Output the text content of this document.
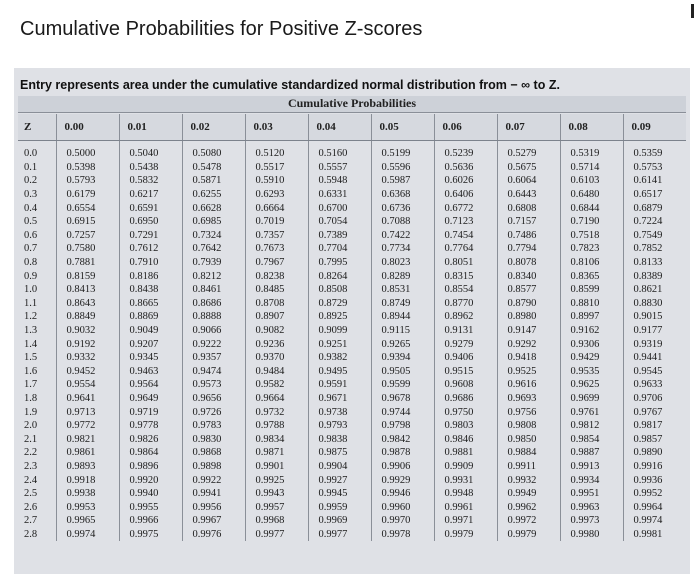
Cumulative Probabilities for Positive Z-scores
Entry represents area under the cumulative standardized normal distribution from − ∞ to Z.
Cumulative Probabilities
Z	0.00	0.01	0.02	0.03	0.04	0.05	0.06	0.07	0.08	0.09
0.0	0.5000	0.5040	0.5080	0.5120	0.5160	0.5199	0.5239	0.5279	0.5319	0.5359
0.1	0.5398	0.5438	0.5478	0.5517	0.5557	0.5596	0.5636	0.5675	0.5714	0.5753
0.2	0.5793	0.5832	0.5871	0.5910	0.5948	0.5987	0.6026	0.6064	0.6103	0.6141
0.3	0.6179	0.6217	0.6255	0.6293	0.6331	0.6368	0.6406	0.6443	0.6480	0.6517
0.4	0.6554	0.6591	0.6628	0.6664	0.6700	0.6736	0.6772	0.6808	0.6844	0.6879
0.5	0.6915	0.6950	0.6985	0.7019	0.7054	0.7088	0.7123	0.7157	0.7190	0.7224
0.6	0.7257	0.7291	0.7324	0.7357	0.7389	0.7422	0.7454	0.7486	0.7518	0.7549
0.7	0.7580	0.7612	0.7642	0.7673	0.7704	0.7734	0.7764	0.7794	0.7823	0.7852
0.8	0.7881	0.7910	0.7939	0.7967	0.7995	0.8023	0.8051	0.8078	0.8106	0.8133
0.9	0.8159	0.8186	0.8212	0.8238	0.8264	0.8289	0.8315	0.8340	0.8365	0.8389
1.0	0.8413	0.8438	0.8461	0.8485	0.8508	0.8531	0.8554	0.8577	0.8599	0.8621
1.1	0.8643	0.8665	0.8686	0.8708	0.8729	0.8749	0.8770	0.8790	0.8810	0.8830
1.2	0.8849	0.8869	0.8888	0.8907	0.8925	0.8944	0.8962	0.8980	0.8997	0.9015
1.3	0.9032	0.9049	0.9066	0.9082	0.9099	0.9115	0.9131	0.9147	0.9162	0.9177
1.4	0.9192	0.9207	0.9222	0.9236	0.9251	0.9265	0.9279	0.9292	0.9306	0.9319
1.5	0.9332	0.9345	0.9357	0.9370	0.9382	0.9394	0.9406	0.9418	0.9429	0.9441
1.6	0.9452	0.9463	0.9474	0.9484	0.9495	0.9505	0.9515	0.9525	0.9535	0.9545
1.7	0.9554	0.9564	0.9573	0.9582	0.9591	0.9599	0.9608	0.9616	0.9625	0.9633
1.8	0.9641	0.9649	0.9656	0.9664	0.9671	0.9678	0.9686	0.9693	0.9699	0.9706
1.9	0.9713	0.9719	0.9726	0.9732	0.9738	0.9744	0.9750	0.9756	0.9761	0.9767
2.0	0.9772	0.9778	0.9783	0.9788	0.9793	0.9798	0.9803	0.9808	0.9812	0.9817
2.1	0.9821	0.9826	0.9830	0.9834	0.9838	0.9842	0.9846	0.9850	0.9854	0.9857
2.2	0.9861	0.9864	0.9868	0.9871	0.9875	0.9878	0.9881	0.9884	0.9887	0.9890
2.3	0.9893	0.9896	0.9898	0.9901	0.9904	0.9906	0.9909	0.9911	0.9913	0.9916
2.4	0.9918	0.9920	0.9922	0.9925	0.9927	0.9929	0.9931	0.9932	0.9934	0.9936
2.5	0.9938	0.9940	0.9941	0.9943	0.9945	0.9946	0.9948	0.9949	0.9951	0.9952
2.6	0.9953	0.9955	0.9956	0.9957	0.9959	0.9960	0.9961	0.9962	0.9963	0.9964
2.7	0.9965	0.9966	0.9967	0.9968	0.9969	0.9970	0.9971	0.9972	0.9973	0.9974
2.8	0.9974	0.9975	0.9976	0.9977	0.9977	0.9978	0.9979	0.9979	0.9980	0.9981
